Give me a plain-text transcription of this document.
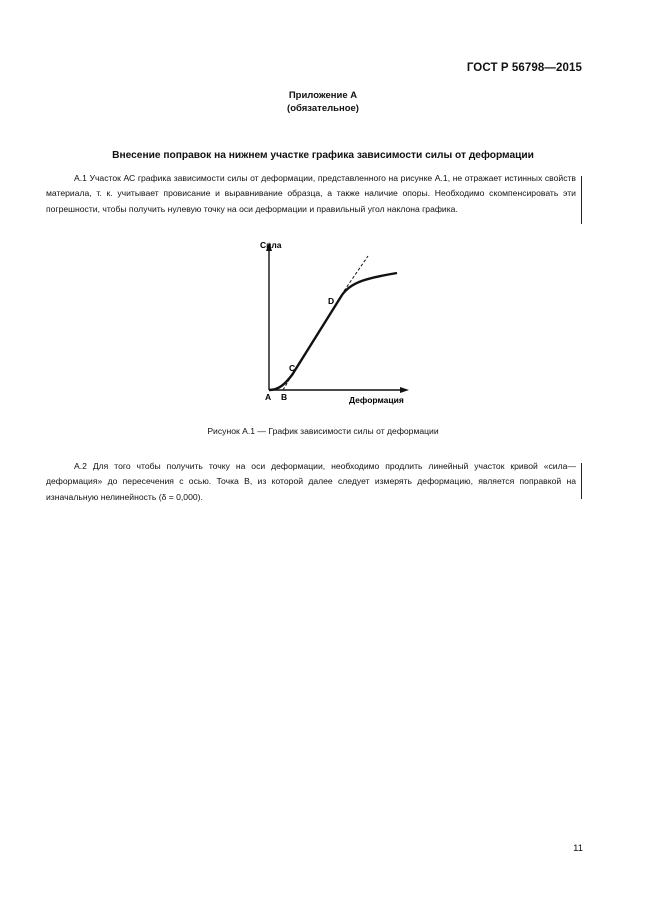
ГОСТ Р 56798—2015
Приложение А
(обязательное)
Внесение поправок на нижнем участке графика зависимости силы от деформации
А.1 Участок АС графика зависимости силы от деформации, представленного на рисунке А.1, не отражает истинных свойств материала, т. к. учитывает провисание и выравнивание образца, а также наличие опоры. Необходимо скомпенсировать эти погрешности, чтобы получить нулевую точку на оси деформации и правильный угол наклона графика.
Сила
Деформация
A B
C
D
Рисунок А.1 — График зависимости силы от деформации
А.2 Для того чтобы получить точку на оси деформации, необходимо продлить линейный участок кривой «сила—деформация» до пересечения с осью. Точка В, из которой далее следует измерять деформацию, является поправкой на изначальную нелинейность (δ = 0,000).
11
